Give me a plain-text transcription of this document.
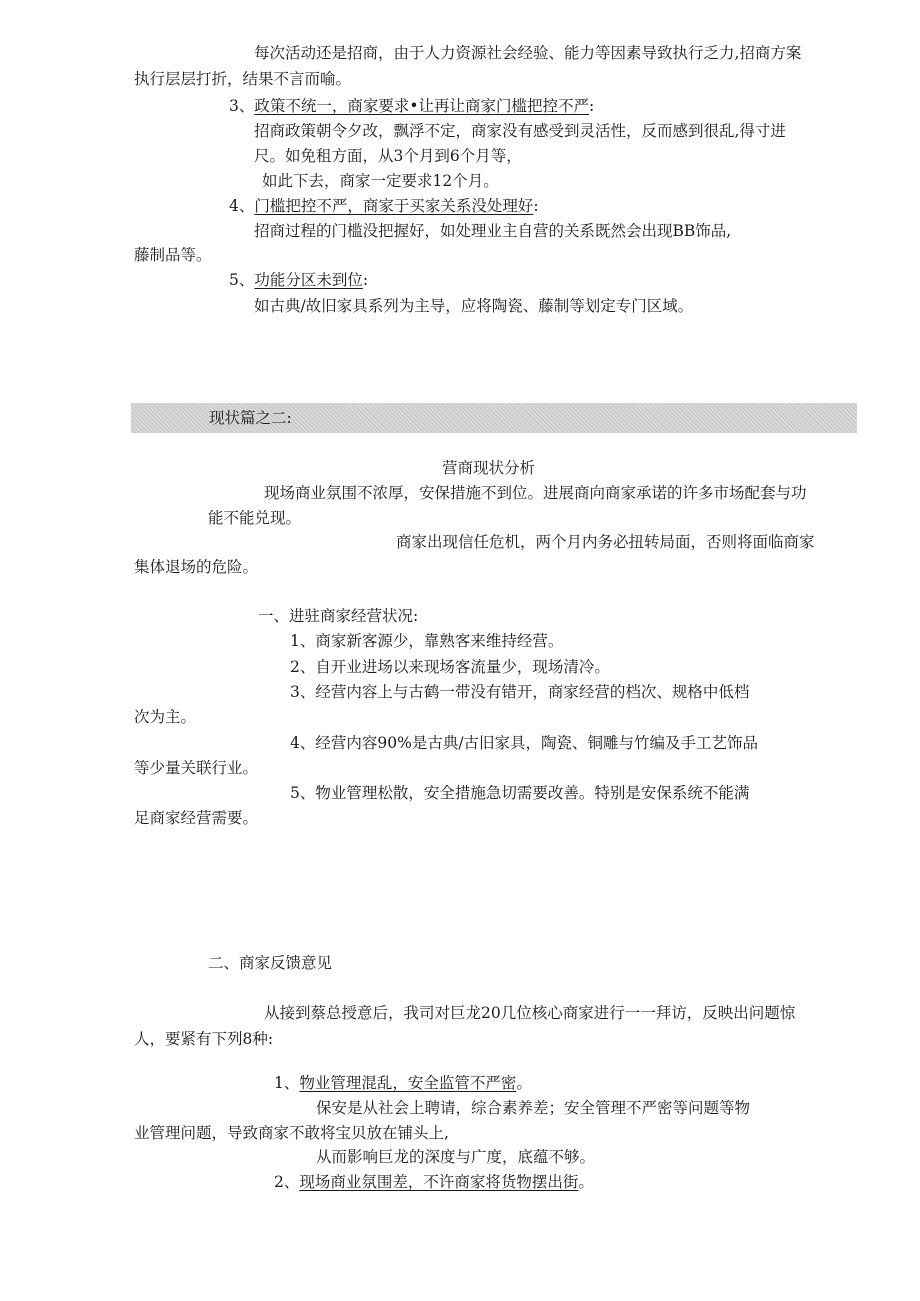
每次活动还是招商，由于人力资源社会经验、能力等因素导致执行乏力,招商方案
执行层层打折，结果不言而喻。
3、政策不统一，商家要求•让再让商家门槛把控不严:
招商政策朝令夕改，飘浮不定，商家没有感受到灵活性，反而感到很乱,得寸进
尺。如免租方面，从3个月到6个月等，
如此下去，商家一定要求12个月。
4、门槛把控不严，商家于买家关系没处理好:
招商过程的门槛没把握好，如处理业主自营的关系既然会出现BB饰品,
藤制品等。
5、功能分区未到位:
如古典/故旧家具系列为主导，应将陶瓷、藤制等划定专门区域。
现状篇之二:
营商现状分析
现场商业氛围不浓厚，安保措施不到位。进展商向商家承诺的许多市场配套与功
能不能兑现。
商家出现信任危机，两个月内务必扭转局面，否则将面临商家
集体退场的危险。
一、进驻商家经营状况:
1、商家新客源少，靠熟客来维持经营。
2、自开业进场以来现场客流量少，现场清冷。
3、经营内容上与古鹤一带没有错开，商家经营的档次、规格中低档
次为主。
4、经营内容90%是古典/古旧家具，陶瓷、铜雕与竹编及手工艺饰品
等少量关联行业。
5、物业管理松散，安全措施急切需要改善。特别是安保系统不能满
足商家经营需要。
二、商家反馈意见
从接到蔡总授意后，我司对巨龙20几位核心商家进行一一拜访，反映出问题惊
人，要紧有下列8种:
1、物业管理混乱，安全监管不严密。
保安是从社会上聘请，综合素养差；安全管理不严密等问题等物
业管理问题，导致商家不敢将宝贝放在铺头上,
从而影响巨龙的深度与广度，底蕴不够。
2、现场商业氛围差，不许商家将货物摆出街。
